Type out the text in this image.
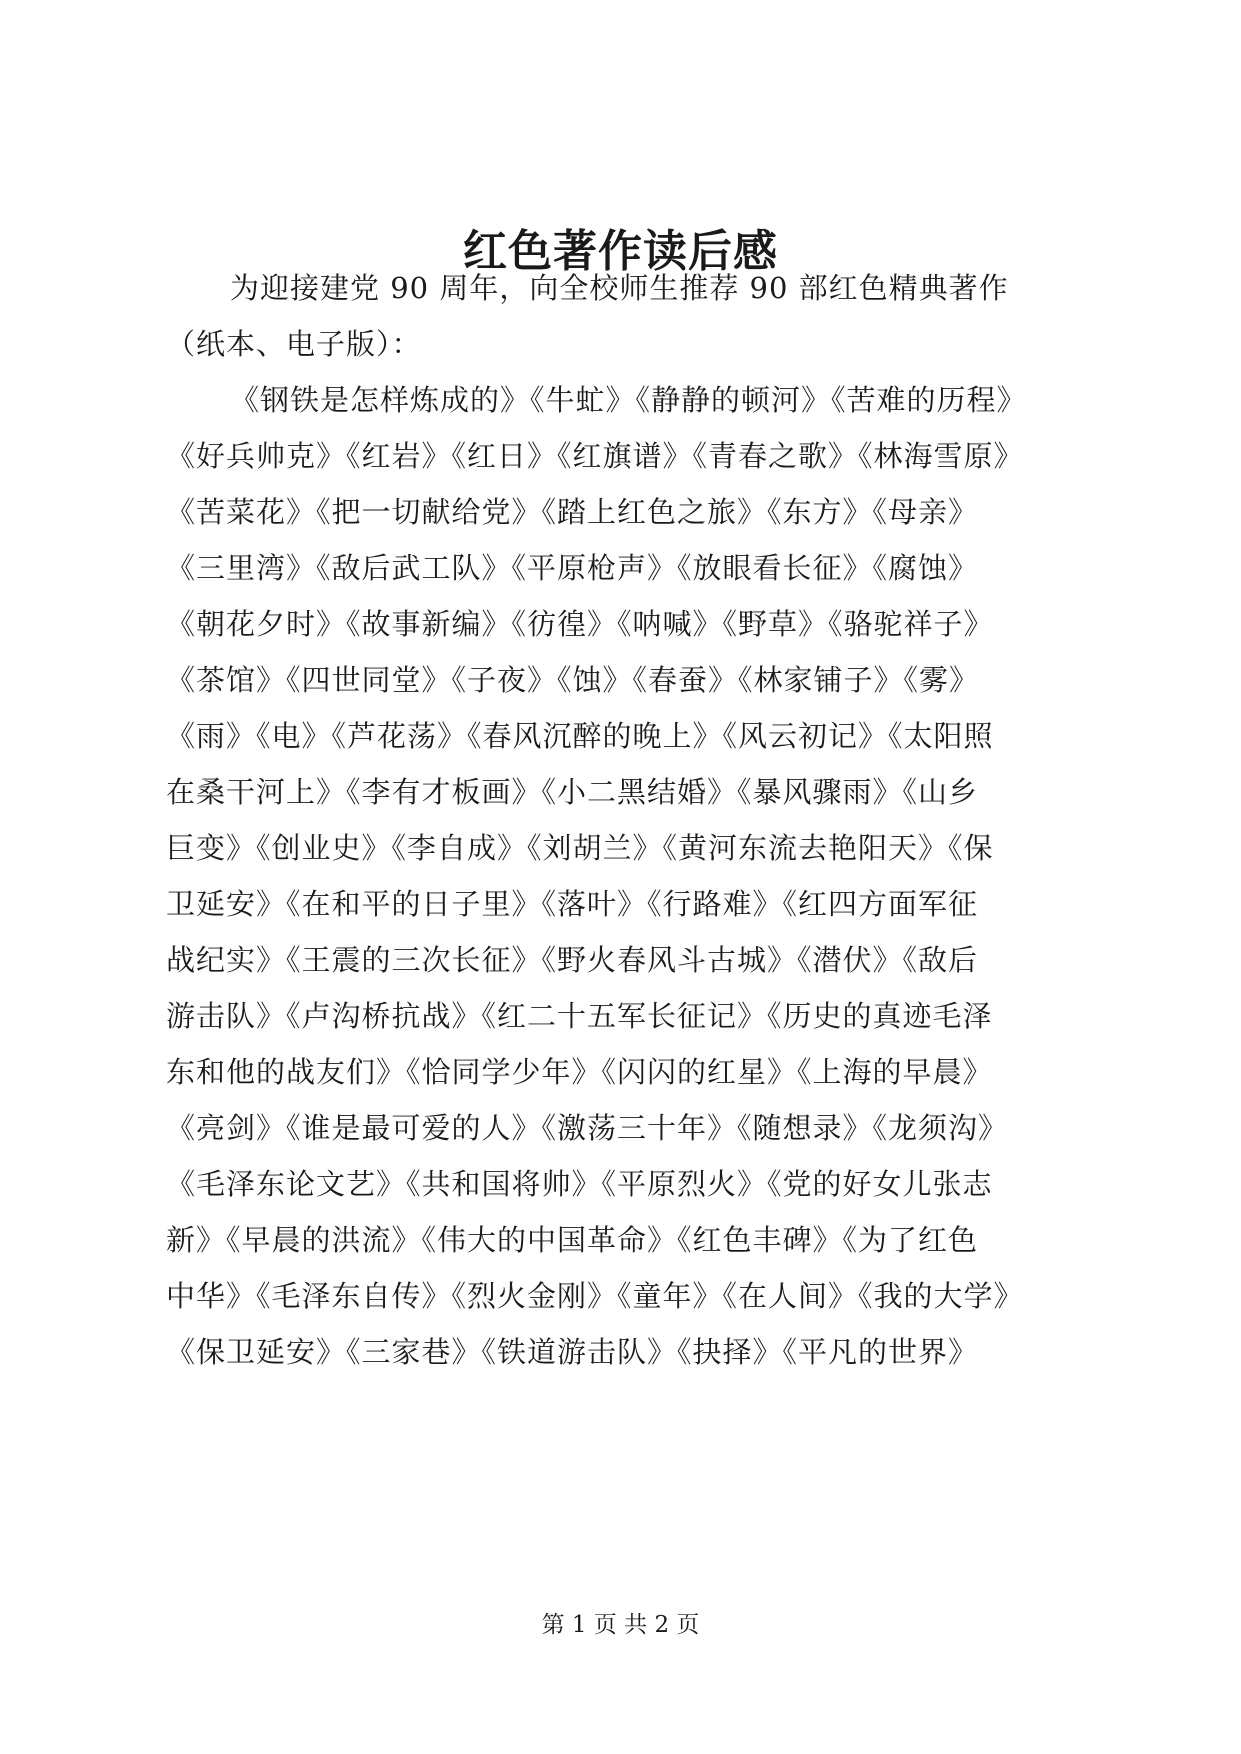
红色著作读后感
为迎接建党 90 周年，向全校师生推荐 90 部红色精典著作
（纸本、电子版）：
《钢铁是怎样炼成的》《牛虻》《静静的顿河》《苦难的历程》
《好兵帅克》《红岩》《红日》《红旗谱》《青春之歌》《林海雪原》
《苦菜花》《把一切献给党》《踏上红色之旅》《东方》《母亲》
《三里湾》《敌后武工队》《平原枪声》《放眼看长征》《腐蚀》
《朝花夕时》《故事新编》《彷徨》《呐喊》《野草》《骆驼祥子》
《茶馆》《四世同堂》《子夜》《蚀》《春蚕》《林家铺子》《雾》
《雨》《电》《芦花荡》《春风沉醉的晚上》《风云初记》《太阳照
在桑干河上》《李有才板画》《小二黑结婚》《暴风骤雨》《山乡
巨变》《创业史》《李自成》《刘胡兰》《黄河东流去艳阳天》《保
卫延安》《在和平的日子里》《落叶》《行路难》《红四方面军征
战纪实》《王震的三次长征》《野火春风斗古城》《潜伏》《敌后
游击队》《卢沟桥抗战》《红二十五军长征记》《历史的真迹毛泽
东和他的战友们》《恰同学少年》《闪闪的红星》《上海的早晨》
《亮剑》《谁是最可爱的人》《激荡三十年》《随想录》《龙须沟》
《毛泽东论文艺》《共和国将帅》《平原烈火》《党的好女儿张志
新》《早晨的洪流》《伟大的中国革命》《红色丰碑》《为了红色
中华》《毛泽东自传》《烈火金刚》《童年》《在人间》《我的大学》
《保卫延安》《三家巷》《铁道游击队》《抉择》《平凡的世界》
第 1 页 共 2 页
